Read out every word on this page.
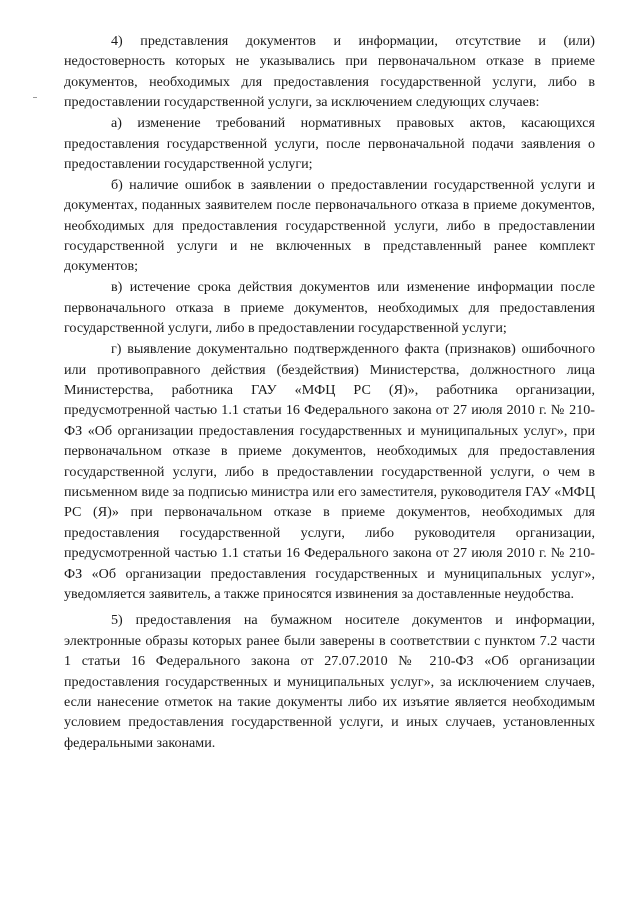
4) представления документов и информации, отсутствие и (или) недостоверность которых не указывались при первоначальном отказе в приеме документов, необходимых для предоставления государственной услуги, либо в предоставлении государственной услуги, за исключением следующих случаев:

а) изменение требований нормативных правовых актов, касающихся предоставления государственной услуги, после первоначальной подачи заявления о предоставлении государственной услуги;

б) наличие ошибок в заявлении о предоставлении государственной услуги и документах, поданных заявителем после первоначального отказа в приеме документов, необходимых для предоставления государственной услуги, либо в предоставлении государственной услуги и не включенных в представленный ранее комплект документов;

в) истечение срока действия документов или изменение информации после первоначального отказа в приеме документов, необходимых для предоставления государственной услуги, либо в предоставлении государственной услуги;

г) выявление документально подтвержденного факта (признаков) ошибочного или противоправного действия (бездействия) Министерства, должностного лица Министерства, работника ГАУ «МФЦ РС (Я)», работника организации, предусмотренной частью 1.1 статьи 16 Федерального закона от 27 июля 2010 г. № 210-ФЗ «Об организации предоставления государственных и муниципальных услуг», при первоначальном отказе в приеме документов, необходимых для предоставления государственной услуги, либо в предоставлении государственной услуги, о чем в письменном виде за подписью министра или его заместителя, руководителя ГАУ «МФЦ РС (Я)» при первоначальном отказе в приеме документов, необходимых для предоставления государственной услуги, либо руководителя организации, предусмотренной частью 1.1 статьи 16 Федерального закона от 27 июля 2010 г. № 210-ФЗ «Об организации предоставления государственных и муниципальных услуг», уведомляется заявитель, а также приносятся извинения за доставленные неудобства.

5) предоставления на бумажном носителе документов и информации, электронные образы которых ранее были заверены в соответствии с пунктом 7.2 части 1 статьи 16 Федерального закона от 27.07.2010 № 210-ФЗ «Об организации предоставления государственных и муниципальных услуг», за исключением случаев, если нанесение отметок на такие документы либо их изъятие является необходимым условием предоставления государственной услуги, и иных случаев, установленных федеральными законами.
